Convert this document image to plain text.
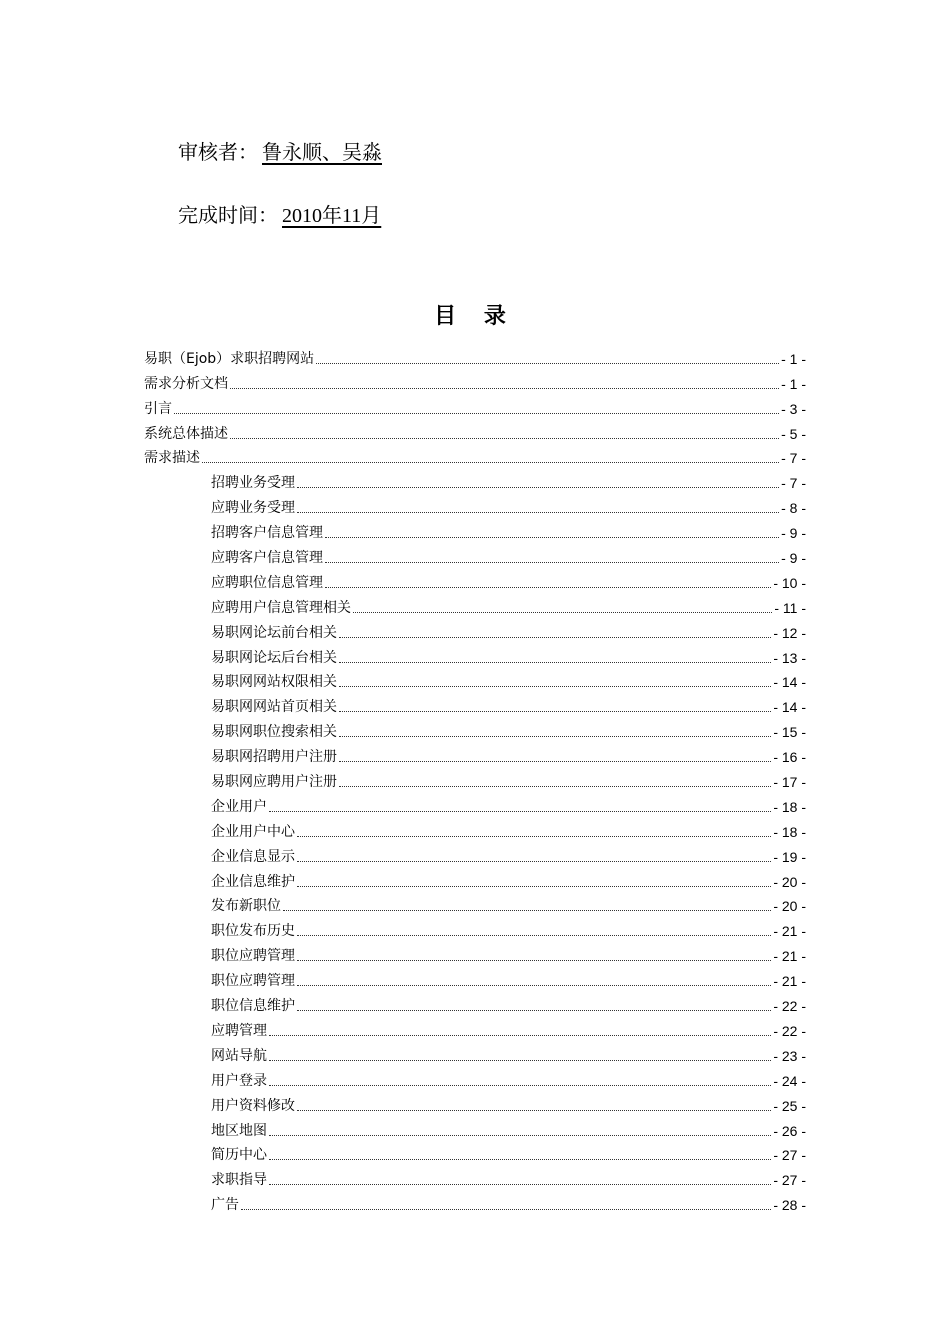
审核者： 鲁永顺、吴淼
完成时间： 2010年11月
目 录
易职（Ejob）求职招聘网站	- 1 -
需求分析文档	- 1 -
引言	- 3 -
系统总体描述	- 5 -
需求描述	- 7 -
招聘业务受理	- 7 -
应聘业务受理	- 8 -
招聘客户信息管理	- 9 -
应聘客户信息管理	- 9 -
应聘职位信息管理	- 10 -
应聘用户信息管理相关	- 11 -
易职网论坛前台相关	- 12 -
易职网论坛后台相关	- 13 -
易职网网站权限相关	- 14 -
易职网网站首页相关	- 14 -
易职网职位搜索相关	- 15 -
易职网招聘用户注册	- 16 -
易职网应聘用户注册	- 17 -
企业用户	- 18 -
企业用户中心	- 18 -
企业信息显示	- 19 -
企业信息维护	- 20 -
发布新职位	- 20 -
职位发布历史	- 21 -
职位应聘管理	- 21 -
职位应聘管理	- 21 -
职位信息维护	- 22 -
应聘管理	- 22 -
网站导航	- 23 -
用户登录	- 24 -
用户资料修改	- 25 -
地区地图	- 26 -
简历中心	- 27 -
求职指导	- 27 -
广告	- 28 -
